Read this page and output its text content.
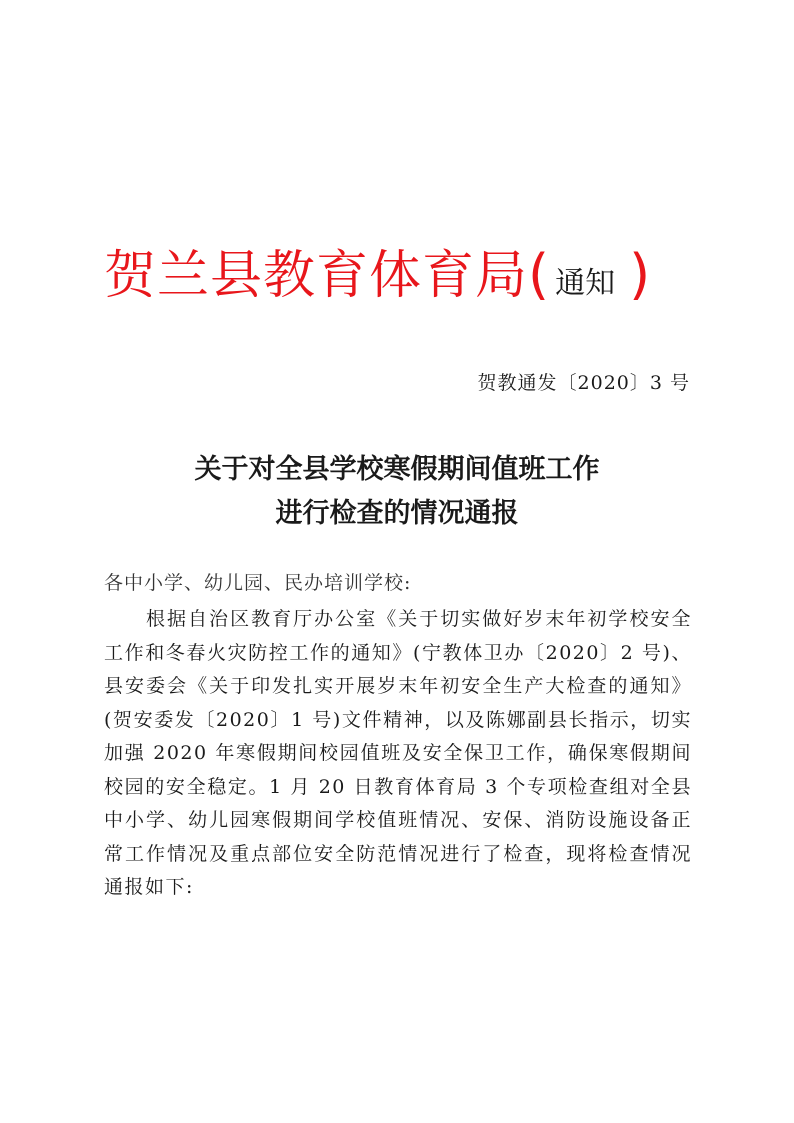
贺兰县教育体育局( 通知 )
贺教通发〔2020〕3 号
关于对全县学校寒假期间值班工作
进行检查的情况通报
各中小学、幼儿园、民办培训学校:
根据自治区教育厅办公室《关于切实做好岁末年初学校安全工作和冬春火灾防控工作的通知》(宁教体卫办〔2020〕2 号)、县安委会《关于印发扎实开展岁末年初安全生产大检查的通知》(贺安委发〔2020〕1 号)文件精神，以及陈娜副县长指示，切实加强 2020 年寒假期间校园值班及安全保卫工作，确保寒假期间校园的安全稳定。1 月 20 日教育体育局 3 个专项检查组对全县中小学、幼儿园寒假期间学校值班情况、安保、消防设施设备正常工作情况及重点部位安全防范情况进行了检查，现将检查情况通报如下:
